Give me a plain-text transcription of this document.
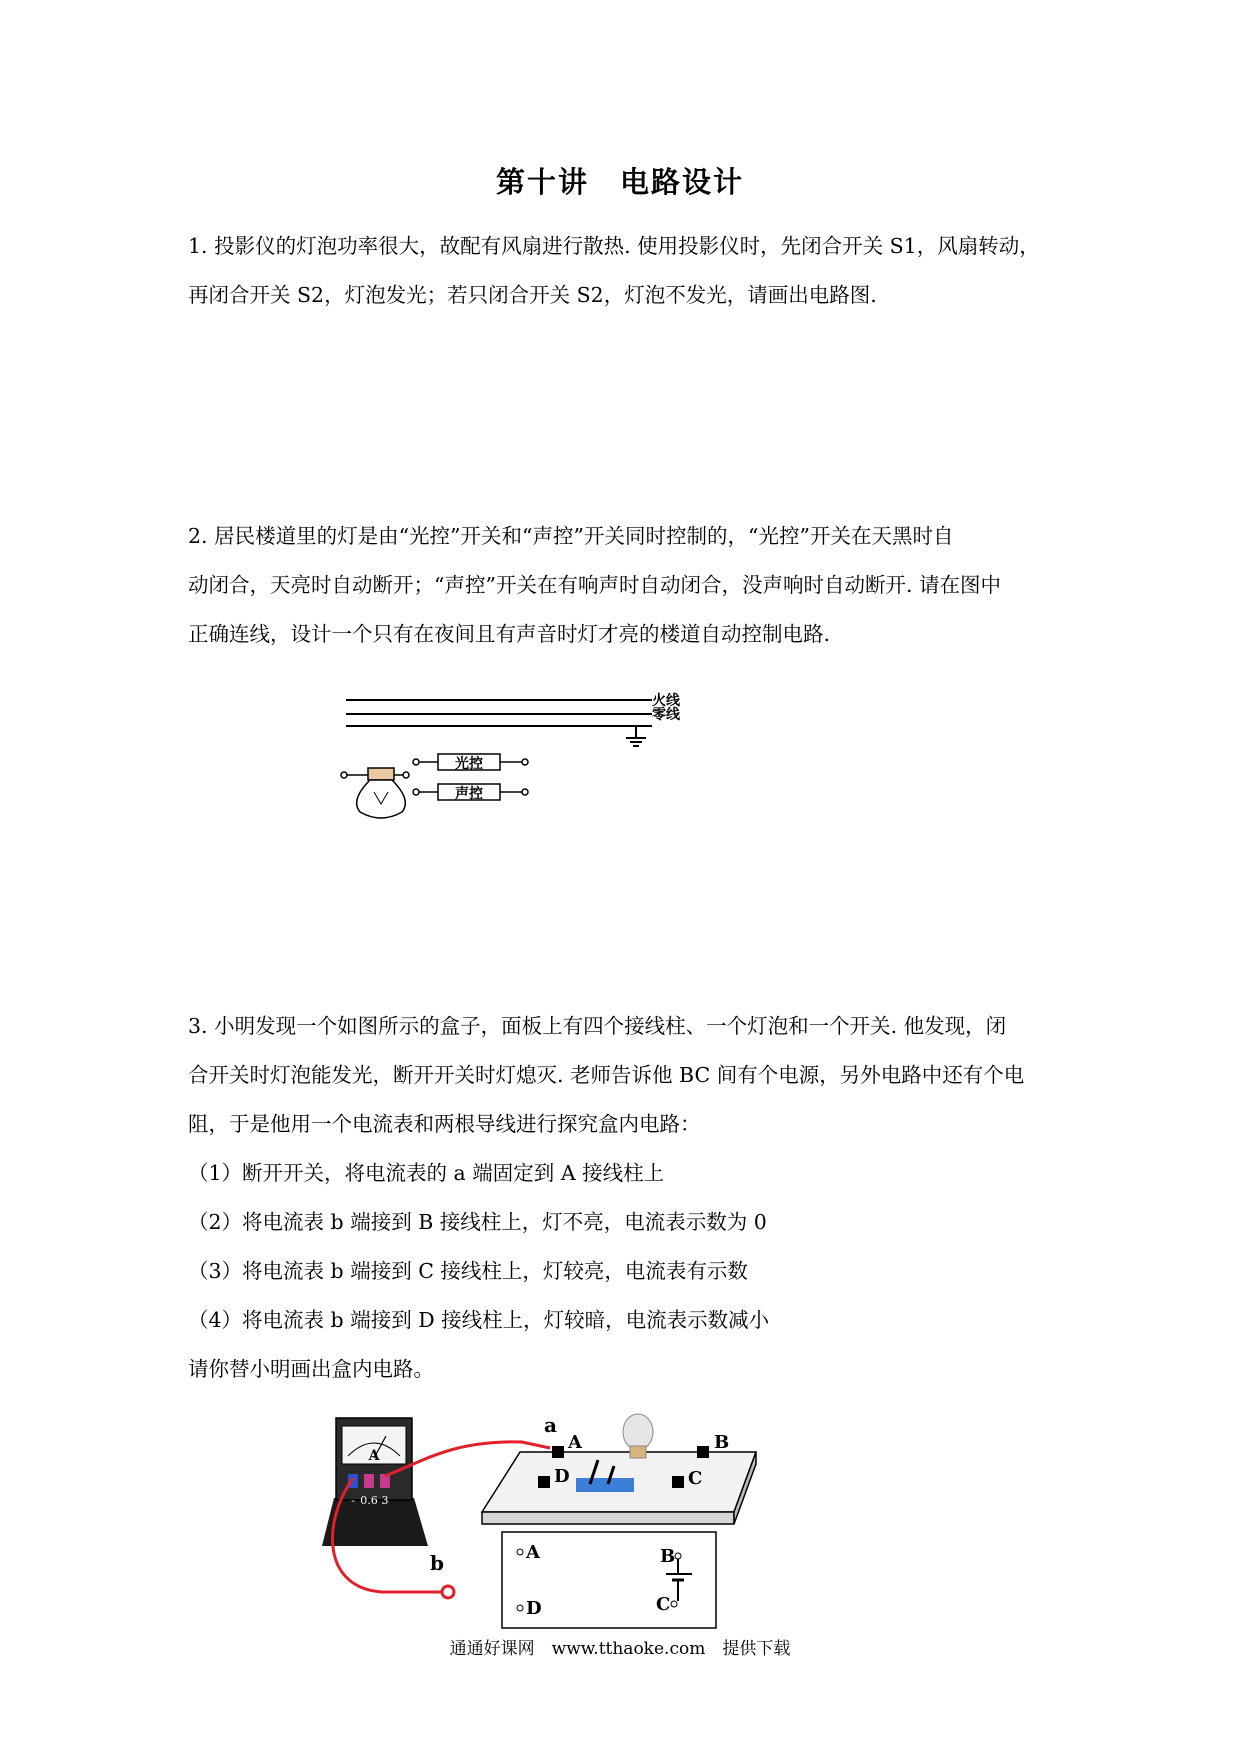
第十讲　电路设计
1. 投影仪的灯泡功率很大，故配有风扇进行散热. 使用投影仪时，先闭合开关 S1，风扇转动，
再闭合开关 S2，灯泡发光；若只闭合开关 S2，灯泡不发光，请画出电路图.
2. 居民楼道里的灯是由“光控”开关和“声控”开关同时控制的，“光控”开关在天黑时自
动闭合，天亮时自动断开；“声控”开关在有响声时自动闭合，没声响时自动断开. 请在图中
正确连线，设计一个只有在夜间且有声音时灯才亮的楼道自动控制电路.
火线
零线
光控
声控
3. 小明发现一个如图所示的盒子，面板上有四个接线柱、一个灯泡和一个开关. 他发现，闭
合开关时灯泡能发光，断开开关时灯熄灭. 老师告诉他 BC 间有个电源，另外电路中还有个电
阻，于是他用一个电流表和两根导线进行探究盒内电路：
（1）断开开关，将电流表的 a 端固定到 A 接线柱上
（2）将电流表 b 端接到 B 接线柱上，灯不亮，电流表示数为 0
（3）将电流表 b 端接到 C 接线柱上，灯较亮，电流表有示数
（4）将电流表 b 端接到 D 接线柱上，灯较暗，电流表示数减小
请你替小明画出盒内电路。
A
- 0.6 3
b
a
A	B
D	C
A
D
B
C
通通好课网　www.tthaoke.com　提供下载
